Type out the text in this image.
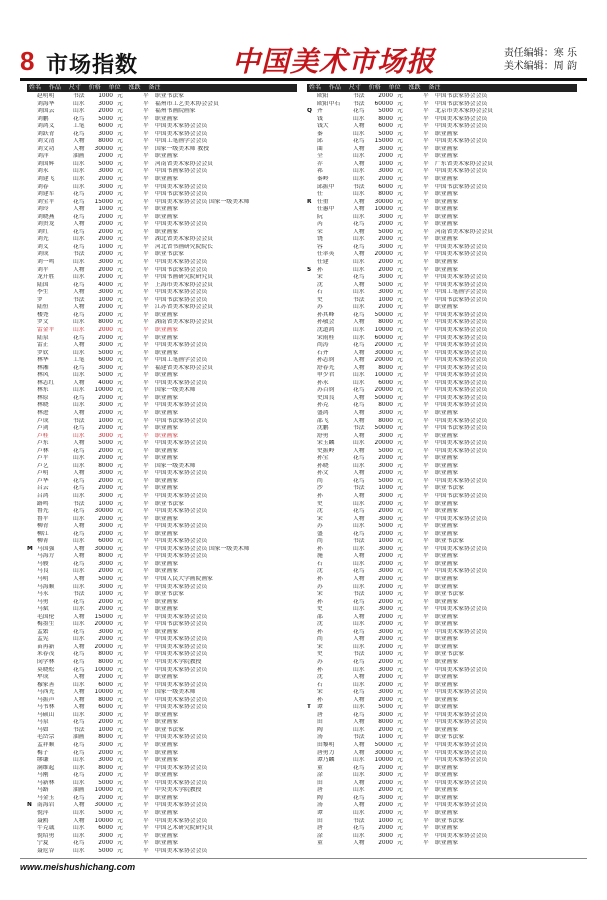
8 市场指数	中国美术市场报	责任编辑：寒 乐
美术编辑：周 韵
姓名 作品 尺寸 价格 单位 涨跌 备注
赵明明	书法	1000 元	平	职业书法家
刘海华	山水	3000 元	平	福州市工艺美术协会会员
刘国云	山水	2000 元	平	福州书画院画家
刘鹏	花鸟	5000 元	平	职业画家
刘鸿义	工笔	6000 元	平	中国美术家协会会员
刘跃青	花鸟	3000 元	平	中国美术家协会会员
刘文清	人物	8000 元	平	中国工笔画学会会员
刘文功	人物	30000 元	平	国家一级美术师 教授
刘洋	油画	2000 元	平	职业画家
刘国辉	山水	5000 元	平	河南省美术家协会会员
刘永	山水	3000 元	平	中国书画家协会会员
刘建飞	山水	2000 元	平	职业画家
刘春	山水	3000 元	平	中国美术家协会会员
刘建军	花鸟	2000 元	平	中国书法家协会会员
刘宝平	花鸟	15000 元	平	中国美术家协会会员 国家一级美术师
刘玲	人物	1000 元	平	职业画家
刘晓燕	花鸟	2000 元	平	职业画家
刘贵龙	人物	2000 元	平	中国美术家协会会员
刘红	花鸟	2000 元	平	职业画家
刘光	山水	2000 元	平	湖北省美术家协会会员
刘义	花鸟	1000 元	平	河北省书画研究院院长
刘成	书法	2000 元	平	职业书法家
刘一鸣	山水	3000 元	平	中国美术家协会会员
刘平	人物	2000 元	平	中国书法家协会会员
龙开胜	山水	2000 元	平	中国书画研究院研究员
陆国	花鸟	4000 元	平	上海市美术家协会会员
李生	人物	3000 元	平	中国美术家协会会员
罗	书法	1000 元	平	中国书法家协会会员
陆恒	人物	2000 元	平	江苏省美术家协会会员
楼尧	花鸟	2000 元	平	职业画家
罗文	山水	8000 元	平	湖南省美术家协会会员
雷金平	山水	2000 元	平	职业画家
陆泉	花鸟	2000 元	平	职业画家
雷正	人物	3000 元	平	中国美术家协会会员
罗钦	山水	5000 元	平	职业画家
林华	工笔	6000 元	平	中国工笔画学会会员
林湘	花鸟	3000 元	平	福建省美术家协会会员
林风	山水	5000 元	平	职业画家
林志红	人物	4000 元	平	中国美术家协会会员
林东	山水	10000 元	平	国家一级美术师
林原	花鸟	2000 元	平	职业画家
林晓	山水	3000 元	平	中国美术家协会会员
林进	人物	2000 元	平	职业画家
卢成	书法	1000 元	平	中国书法家协会会员
卢剑	花鸟	2000 元	平	职业画家
卢桂	山水	3000 元	平	职业画家
卢东	人物	5000 元	平	中国美术家协会会员
卢林	花鸟	2000 元	平	职业画家
卢平	山水	2000 元	平	职业画家
卢艺	山水	8000 元	平	国家一级美术师
卢明	人物	3000 元	平	中国美术家协会会员
卢华	花鸟	2000 元	平	职业画家
吕云	花鸟	2000 元	平	职业画家
吕鸿	山水	3000 元	平	中国美术家协会会员
路鸣	书法	1000 元	平	职业书法家
鲁光	花鸟	30000 元	平	中国美术家协会会员
鲁平	山水	2000 元	平	职业画家
柳青	人物	3000 元	平	中国美术家协会会员
柳江	花鸟	2000 元	平	职业画家
柳菁	山水	6000 元	平	中国美术家协会会员
M 马国强	人物	30000 元	平	中国美术家协会会员 国家一级美术师
马海方	人物	8000 元	平	中国美术家协会会员
马骏	花鸟	3000 元	平	职业画家
马良	山水	2000 元	平	职业画家
马明	人物	5000 元	平	中国人民大学画院画家
马海顺	山水	3000 元	平	中国美术家协会会员
马永	书法	1000 元	平	职业书法家
马勇	花鸟	2000 元	平	职业画家
马斌	山水	2000 元	平	职业画家
毛国伦	人物	15000 元	平	中国美术家协会会员
梅墨生	山水	20000 元	平	中国书法家协会会员
孟繁	花鸟	3000 元	平	职业画家
孟宪	山水	2000 元	平	中国美术家协会会员
苗再新	人物	20000 元	平	中国美术家协会会员
米春茂	花鸟	8000 元	平	中国美术家协会会员
闵学林	花鸟	8000 元	平	中国美术学院教授
莫晓松	花鸟	10000 元	平	中国美术家协会会员
牟成	人物	2000 元	平	职业画家
穆家善	山水	6000 元	平	中国美术家协会会员
马西光	人物	10000 元	平	国家一级美术师
马振声	人物	8000 元	平	中国美术家协会会员
马书林	人物	6000 元	平	中国美术家协会会员
马硕山	山水	3000 元	平	职业画家
马泉	花鸟	2000 元	平	职业画家
马如	书法	1000 元	平	职业书法家
毛岱宗	油画	8000 元	平	中国美术家协会会员
孟祥顺	花鸟	3000 元	平	职业画家
梅子	花鸟	2000 元	平	职业画家
缪谦	山水	3000 元	平	职业画家
满维起	山水	8000 元	平	中国美术家协会会员
马刚	花鸟	2000 元	平	职业画家
马新林	山水	5000 元	平	中国美术家协会会员
马路	油画	10000 元	平	中央美术学院教授
马金玉	花鸟	2000 元	平	职业画家
N 南海岩	人物	30000 元	平	中国美术家协会会员
倪萍	山水	5000 元	平	职业画家
聂鸥	人物	10000 元	平	中国美术家协会会员
牛克诚	山水	6000 元	平	中国艺术研究院研究员
倪绍勇	山水	3000 元	平	职业画家
宁夏	花鸟	2000 元	平	职业画家
聂危谷	山水	5000 元	平	中国美术家协会会员
姓名 作品 尺寸 价格 单位 涨跌 备注
欧阳	书法	2000 元	平	中国书法家协会会员
欧阳中石	书法	60000 元	平	中国书法家协会会员
Q 齐	花鸟	5000 元	平	北京市美术家协会会员
钱	山水	8000 元	平	中国美术家协会会员
钱大	人物	6000 元	平	中国美术家协会会员
秦	山水	5000 元	平	职业画家
邱	花鸟	15000 元	平	中国美术家协会会员
曲	人物	3000 元	平	职业画家
全	山水	2000 元	平	职业画家
乔	人物	1000 元	平	广东省美术家协会会员
祁	山水	3000 元	平	中国美术家协会会员
秦岭	山水	2000 元	平	职业画家
邱振中	书法	6000 元	平	中国书法家协会会员
任	山水	8000 元	平	职业画家
R 任重	人物	30000 元	平	职业画家
任惠中	人物	10000 元	平	职业画家
阮	山水	3000 元	平	职业画家
芮	花鸟	2000 元	平	职业画家
荣	人物	5000 元	平	河南省美术家协会会员
饶	山水	2000 元	平	职业画家
容	花鸟	3000 元	平	中国美术家协会会员
任率英	人物	20000 元	平	中国美术家协会会员
任建	山水	2000 元	平	职业画家
S	孙	山水	2000 元	平	职业画家
宋	花鸟	3000 元	平	中国美术家协会会员
沈	人物	5000 元	平	中国美术家协会会员
石	山水	3000 元	平	中国工笔画学会会员
史	书法	1000 元	平	中国书法家协会会员
苏	山水	2000 元	平	职业画家
孙其峰	花鸟	50000 元	平	中国美术家协会会员
孙敬会	人物	8000 元	平	中国美术家协会会员
沈道鸿	山水	10000 元	平	中国美术家协会会员
宋雨桂	山水	60000 元	平	中国美术家协会会员
尚涛	花鸟	20000 元	平	中国美术家协会会员
石齐	人物	30000 元	平	中国美术家协会会员
孙志钧	人物	20000 元	平	中国美术家协会会员
舒春光	人物	8000 元	平	中国美术家协会会员
申少君	山水	10000 元	平	中国美术家协会会员
孙永	山水	6000 元	平	中国美术家协会会员
苏百钧	花鸟	20000 元	平	中国美术家协会会员
史国良	人物	50000 元	平	中国美术家协会会员
孙克	花鸟	8000 元	平	中国美术家协会会员
盛鸿	人物	3000 元	平	职业画家
邵飞	人物	8000 元	平	中国美术家协会会员
沈鹏	书法	50000 元	平	中国书法家协会会员
舒勇	人物	3000 元	平	职业画家
宋玉麟	山水	20000 元	平	中国美术家协会会员
史振岭	人物	5000 元	平	中国美术家协会会员
孙宝	花鸟	2000 元	平	职业画家
孙晓	山水	3000 元	平	职业画家
孙文	人物	2000 元	平	职业画家
尚	花鸟	5000 元	平	中国美术家协会会员
沙	书法	1000 元	平	职业书法家
孙	人物	3000 元	平	中国书法家协会会员
史	山水	2000 元	平	职业画家
沈	花鸟	2000 元	平	职业画家
宋	人物	3000 元	平	中国美术家协会会员
苏	山水	5000 元	平	职业画家
盛	花鸟	2000 元	平	职业画家
尚	书法	1000 元	平	职业书法家
孙	山水	3000 元	平	中国美术家协会会员
施	人物	2000 元	平	职业画家
石	山水	2000 元	平	职业画家
沈	花鸟	3000 元	平	中国美术家协会会员
孙	人物	2000 元	平	职业画家
苏	山水	2000 元	平	职业画家
宋	书法	1000 元	平	职业书法家
孙	花鸟	2000 元	平	职业画家
史	山水	3000 元	平	中国美术家协会会员
邵	人物	2000 元	平	职业画家
沈	山水	2000 元	平	职业画家
孙	花鸟	3000 元	平	中国美术家协会会员
尚	人物	2000 元	平	职业画家
宋	山水	2000 元	平	职业画家
史	书法	1000 元	平	职业书法家
苏	花鸟	2000 元	平	职业画家
孙	山水	3000 元	平	中国美术家协会会员
沈	人物	2000 元	平	职业画家
石	山水	2000 元	平	职业画家
宋	花鸟	3000 元	平	中国美术家协会会员
孙	人物	2000 元	平	职业画家
T	谭	山水	5000 元	平	职业画家
唐	花鸟	3000 元	平	中国美术家协会会员
田	人物	8000 元	平	中国美术家协会会员
陶	山水	2000 元	平	职业画家
汤	书法	1000 元	平	职业书法家
田黎明	人物	50000 元	平	中国美术家协会会员
唐勇力	人物	30000 元	平	中国美术家协会会员
谭乃麟	山水	10000 元	平	中国美术家协会会员
童	花鸟	2000 元	平	职业画家
涂	山水	3000 元	平	职业画家
田	人物	2000 元	平	中国美术家协会会员
唐	山水	2000 元	平	职业画家
陶	花鸟	3000 元	平	职业画家
汤	人物	2000 元	平	中国美术家协会会员
谭	山水	2000 元	平	职业画家
田	书法	1000 元	平	职业书法家
唐	花鸟	2000 元	平	职业画家
涂	山水	3000 元	平	中国美术家协会会员
童	人物	2000 元	平	职业画家
www.meishushichang.com
